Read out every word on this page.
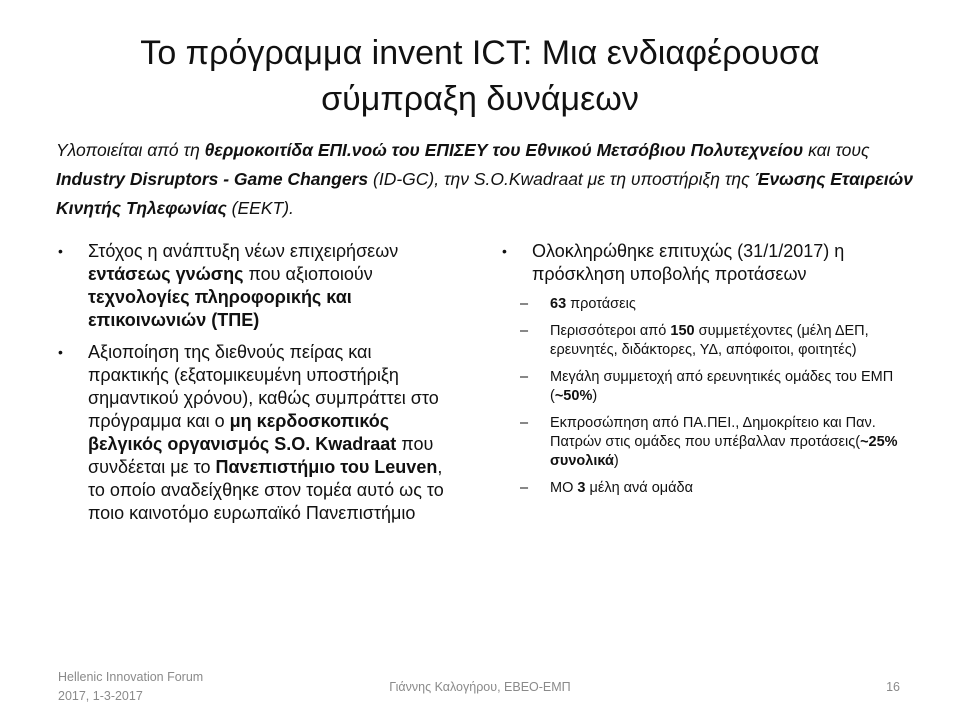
Το πρόγραμμα invent ICT: Μια ενδιαφέρουσα
σύμπραξη δυνάμεων
Υλοποιείται από τη θερμοκοιτίδα ΕΠΙ.νοώ του ΕΠΙΣΕΥ του Εθνικού Μετσόβιου Πολυτεχνείου και τους Industry Disruptors - Game Changers (ID-GC), την S.O.Kwadraat με τη υποστήριξη της Ένωσης Εταιρειών Κινητής Τηλεφωνίας (ΕΕΚΤ).
• Στόχος η ανάπτυξη νέων επιχειρήσεων εντάσεως γνώσης που αξιοποιούν τεχνολογίες πληροφορικής και επικοινωνιών (ΤΠΕ)
• Αξιοποίηση της διεθνούς πείρας και πρακτικής (εξατομικευμένη υποστήριξη σημαντικού χρόνου), καθώς συμπράττει στο πρόγραμμα και ο μη κερδοσκοπικός βελγικός οργανισμός S.O. Kwadraat που συνδέεται με το Πανεπιστήμιο του Leuven, το οποίο αναδείχθηκε στον τομέα αυτό ως το ποιο καινοτόμο ευρωπαϊκό Πανεπιστήμιο
• Ολοκληρώθηκε επιτυχώς (31/1/2017) η πρόσκληση υποβολής προτάσεων
– 63 προτάσεις
– Περισσότεροι από 150 συμμετέχοντες (μέλη ΔΕΠ, ερευνητές, διδάκτορες, ΥΔ, απόφοιτοι, φοιτητές)
– Μεγάλη συμμετοχή από ερευνητικές ομάδες του ΕΜΠ (~50%)
– Εκπροσώπηση από ΠΑ.ΠΕΙ., Δημοκρίτειο και Παν. Πατρών στις ομάδες που υπέβαλλαν προτάσεις(~25% συνολικά)
– ΜΟ 3 μέλη ανά ομάδα
Hellenic Innovation Forum
2017, 1-3-2017
Γιάννης Καλογήρου, ΕΒΕΟ-ΕΜΠ	16
